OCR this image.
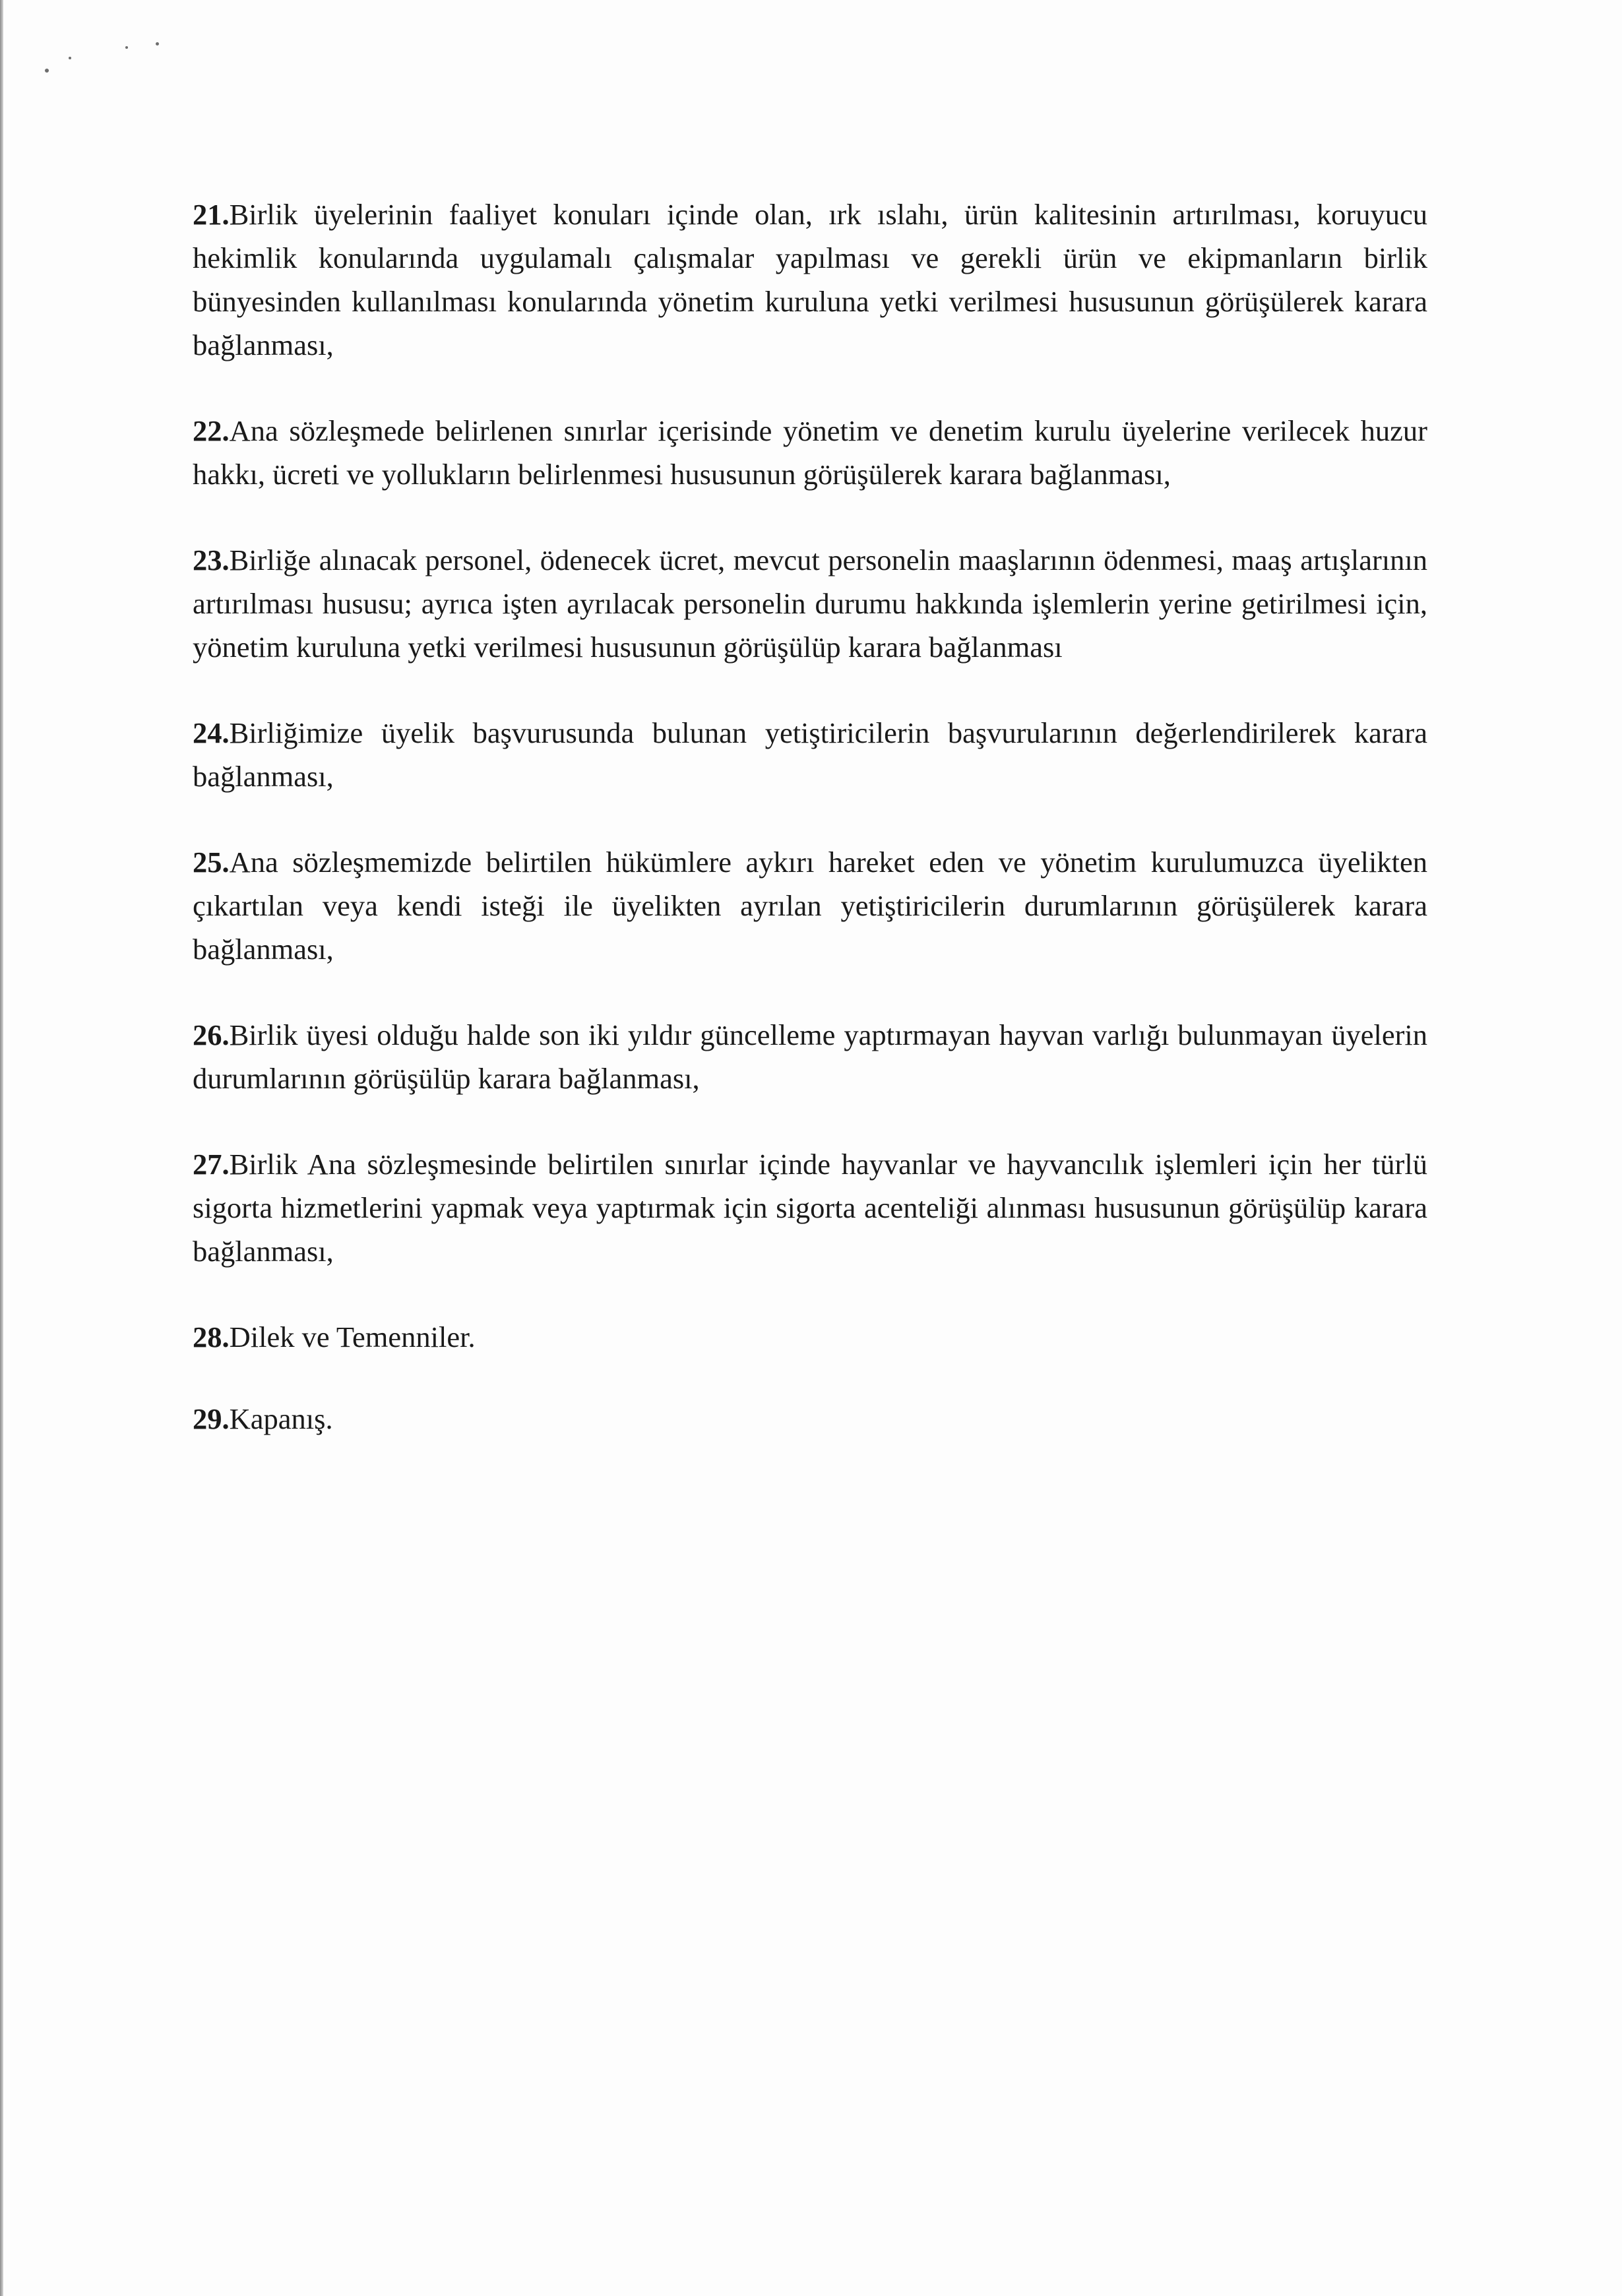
21.Birlik üyelerinin faaliyet konuları içinde olan, ırk ıslahı, ürün kalitesinin artırılması, koruyucu hekimlik konularında uygulamalı çalışmalar yapılması ve gerekli ürün ve ekipmanların birlik bünyesinden kullanılması konularında yönetim kuruluna yetki verilmesi hususunun görüşülerek karara bağlanması,

22.Ana sözleşmede belirlenen sınırlar içerisinde yönetim ve denetim kurulu üyelerine verilecek huzur hakkı, ücreti ve yollukların belirlenmesi hususunun görüşülerek karara bağlanması,

23.Birliğe alınacak personel, ödenecek ücret, mevcut personelin maaşlarının ödenmesi, maaş artışlarının artırılması hususu; ayrıca işten ayrılacak personelin durumu hakkında işlemlerin yerine getirilmesi için, yönetim kuruluna yetki verilmesi hususunun görüşülüp karara bağlanması

24.Birliğimize üyelik başvurusunda bulunan yetiştiricilerin başvurularının değerlendirilerek karara bağlanması,

25.Ana sözleşmemizde belirtilen hükümlere aykırı hareket eden ve yönetim kurulumuzca üyelikten çıkartılan veya kendi isteği ile üyelikten ayrılan yetiştiricilerin durumlarının görüşülerek karara bağlanması,

26.Birlik üyesi olduğu halde son iki yıldır güncelleme yaptırmayan hayvan varlığı bulunmayan üyelerin durumlarının görüşülüp karara bağlanması,

27.Birlik Ana sözleşmesinde belirtilen sınırlar içinde hayvanlar ve hayvancılık işlemleri için her türlü sigorta hizmetlerini yapmak veya yaptırmak için sigorta acenteliği alınması hususunun görüşülüp karara bağlanması,

28.Dilek ve Temenniler.

29.Kapanış.
